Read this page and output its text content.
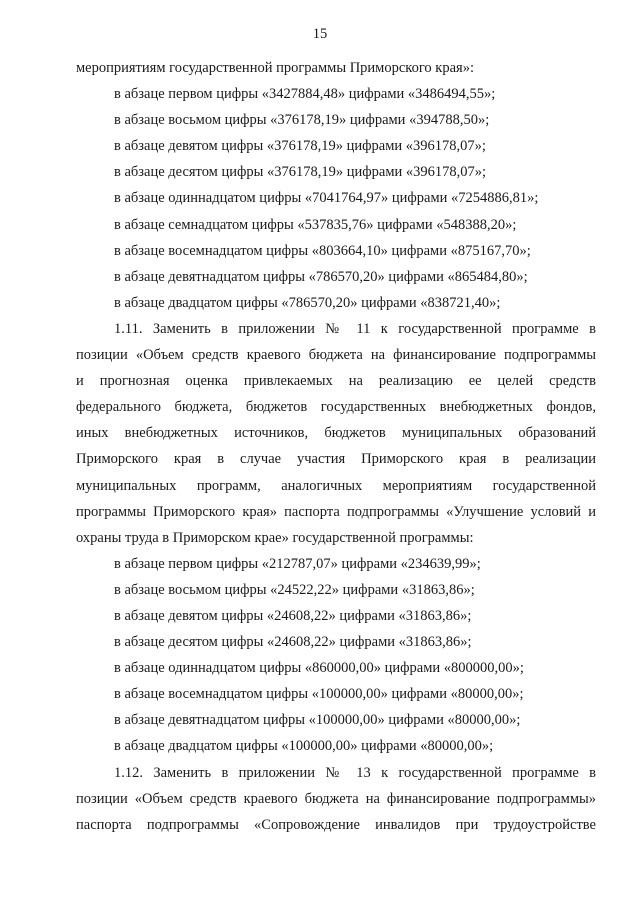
15
мероприятиям государственной программы Приморского края»:
в абзаце первом цифры «3427884,48» цифрами «3486494,55»;
в абзаце восьмом цифры «376178,19» цифрами «394788,50»;
в абзаце девятом цифры «376178,19» цифрами «396178,07»;
в абзаце десятом цифры «376178,19» цифрами «396178,07»;
в абзаце одиннадцатом цифры «7041764,97» цифрами «7254886,81»;
в абзаце семнадцатом цифры «537835,76» цифрами «548388,20»;
в абзаце восемнадцатом цифры «803664,10» цифрами «875167,70»;
в абзаце девятнадцатом цифры «786570,20» цифрами «865484,80»;
в абзаце двадцатом цифры «786570,20» цифрами «838721,40»;
1.11. Заменить в приложении № 11 к государственной программе в
позиции «Объем средств краевого бюджета на финансирование подпрограммы
и прогнозная оценка привлекаемых на реализацию ее целей средств
федерального бюджета, бюджетов государственных внебюджетных фондов,
иных внебюджетных источников, бюджетов муниципальных образований
Приморского края в случае участия Приморского края в реализации
муниципальных программ, аналогичных мероприятиям государственной
программы Приморского края» паспорта подпрограммы «Улучшение условий и
охраны труда в Приморском крае» государственной программы:
в абзаце первом цифры «212787,07» цифрами «234639,99»;
в абзаце восьмом цифры «24522,22» цифрами «31863,86»;
в абзаце девятом цифры «24608,22» цифрами «31863,86»;
в абзаце десятом цифры «24608,22» цифрами «31863,86»;
в абзаце одиннадцатом цифры «860000,00» цифрами «800000,00»;
в абзаце восемнадцатом цифры «100000,00» цифрами «80000,00»;
в абзаце девятнадцатом цифры «100000,00» цифрами «80000,00»;
в абзаце двадцатом цифры «100000,00» цифрами «80000,00»;
1.12. Заменить в приложении № 13 к государственной программе в
позиции «Объем средств краевого бюджета на финансирование подпрограммы»
паспорта подпрограммы «Сопровождение инвалидов при трудоустройстве
